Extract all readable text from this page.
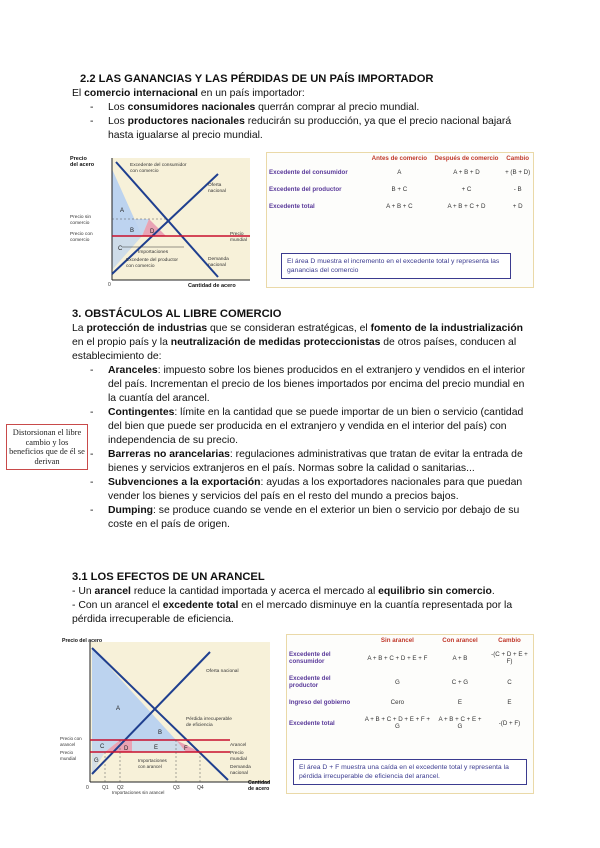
2.2 LAS GANANCIAS Y LAS PÉRDIDAS DE UN PAÍS IMPORTADOR

El comercio internacional en un país importador:

- Los consumidores nacionales querrán comprar al precio mundial.
- Los productores nacionales reducirán su producción, ya que el precio nacional bajará hasta igualarse al precio mundial.
Precio
del acero
Cantidad de acero
Excedente del consumidor
con comercio
Oferta
nacional
Precio sin
comercio
Precio con
comercio
Precio
mundial
Importaciones
Excedente del productor
con comercio
Demanda
nacional
0
A
B
C
D
	Antes de comercio	Después de comercio	Cambio
Excedente del consumidor	A	A + B + D	+ (B + D)
Excedente del productor	B + C	+ C	- B
Excedente total	A + B + C	A + B + C + D	+ D
El área D muestra el incremento en el excedente total y representa las ganancias del comercio
3. OBSTÁCULOS AL LIBRE COMERCIO

La protección de industrias que se consideran estratégicas, el fomento de la industrialización en el propio país y la neutralización de medidas proteccionistas de otros países, conducen al establecimiento de:

- Aranceles: impuesto sobre los bienes producidos en el extranjero y vendidos en el interior del país. Incrementan el precio de los bienes importados por encima del precio mundial en la cuantía del arancel.
- Contingentes: límite en la cantidad que se puede importar de un bien o servicio (cantidad del bien que puede ser producida en el extranjero y vendida en el interior del país) con independencia de su precio.
- Barreras no arancelarias: regulaciones administrativas que tratan de evitar la entrada de bienes y servicios extranjeros en el país. Normas sobre la calidad o sanitarias...
- Subvenciones a la exportación: ayudas a los exportadores nacionales para que puedan vender los bienes y servicios del país en el resto del mundo a precios bajos.
- Dumping: se produce cuando se vende en el exterior un bien o servicio por debajo de su coste en el país de origen.
Distorsionan el libre cambio y los beneficios que de él se derivan
3.1 LOS EFECTOS DE UN ARANCEL

- Un arancel reduce la cantidad importada y acerca el mercado al equilibrio sin comercio.

- Con un arancel el excedente total en el mercado disminuye en la cuantía representada por la pérdida irrecuperable de eficiencia.

Precio del acero
Cantidad
de acero
Oferta nacional
Pérdida irrecuperable
de eficiencia
Precio con
arancel
Precio
mundial
Arancel
Precio
mundial
Importaciones
con arancel
Importaciones sin arancel
Demanda
nacional
0	Q1 Q2	Q3	Q4
A
B
C	D	E	F
G
	Sin arancel	Con arancel	Cambio
Excedente del consumidor	A + B + C + D + E + F	A + B	-(C + D + E + F)
Excedente del productor	G	C + G	C
Ingreso del gobierno	Cero	E	E
Excedente total	A + B + C + D + E + F + G	A + B + C + E + G	-(D + F)
El área D + F muestra una caída en el excedente total y representa la pérdida irrecuperable de eficiencia del arancel.
